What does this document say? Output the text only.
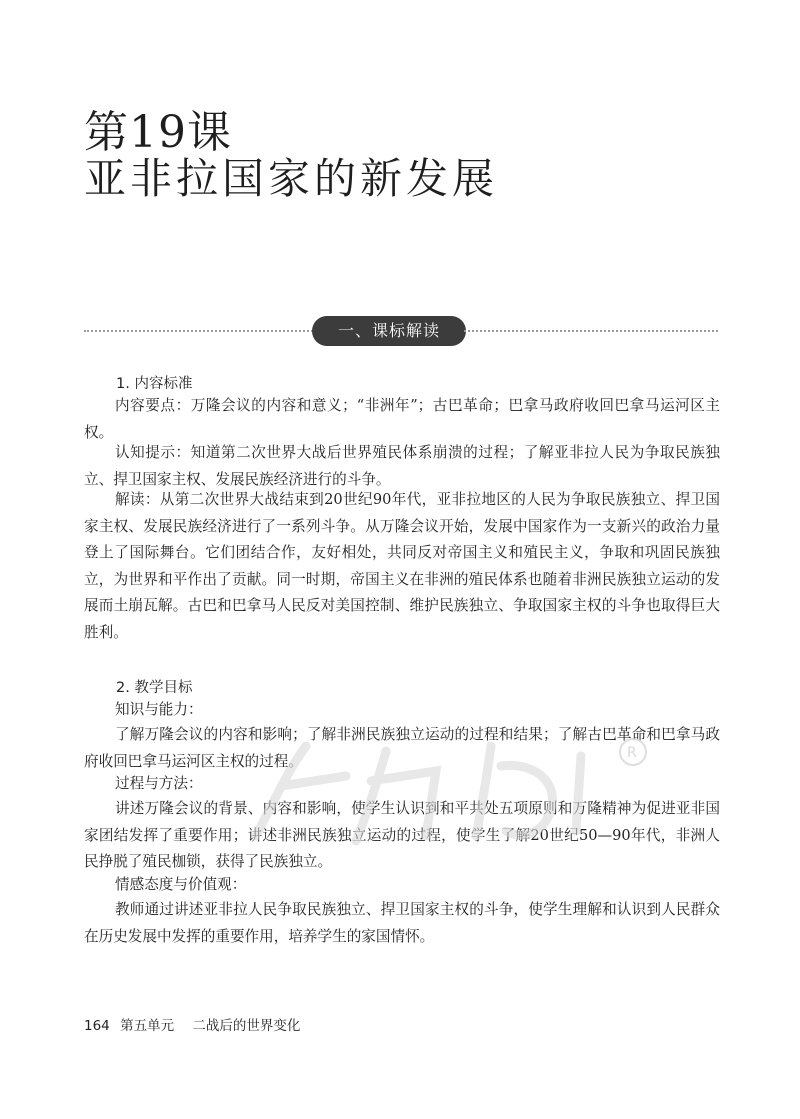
第19课
亚非拉国家的新发展
一、课标解读
1. 内容标准

内容要点：万隆会议的内容和意义；“非洲年”；古巴革命；巴拿马政府收回巴拿马运河区主权。

认知提示：知道第二次世界大战后世界殖民体系崩溃的过程；了解亚非拉人民为争取民族独立、捍卫国家主权、发展民族经济进行的斗争。

解读：从第二次世界大战结束到20世纪90年代，亚非拉地区的人民为争取民族独立、捍卫国家主权、发展民族经济进行了一系列斗争。从万隆会议开始，发展中国家作为一支新兴的政治力量登上了国际舞台。它们团结合作，友好相处，共同反对帝国主义和殖民主义，争取和巩固民族独立，为世界和平作出了贡献。同一时期，帝国主义在非洲的殖民体系也随着非洲民族独立运动的发展而土崩瓦解。古巴和巴拿马人民反对美国控制、维护民族独立、争取国家主权的斗争也取得巨大胜利。

2. 教学目标

知识与能力：

了解万隆会议的内容和影响；了解非洲民族独立运动的过程和结果；了解古巴革命和巴拿马政府收回巴拿马运河区主权的过程。

过程与方法：

讲述万隆会议的背景、内容和影响，使学生认识到和平共处五项原则和万隆精神为促进亚非国家团结发挥了重要作用；讲述非洲民族独立运动的过程，使学生了解20世纪50—90年代，非洲人民挣脱了殖民枷锁，获得了民族独立。

情感态度与价值观：

教师通过讲述亚非拉人民争取民族独立、捍卫国家主权的斗争，使学生理解和认识到人民群众在历史发展中发挥的重要作用，培养学生的家国情怀。

R
164 第五单元 二战后的世界变化
